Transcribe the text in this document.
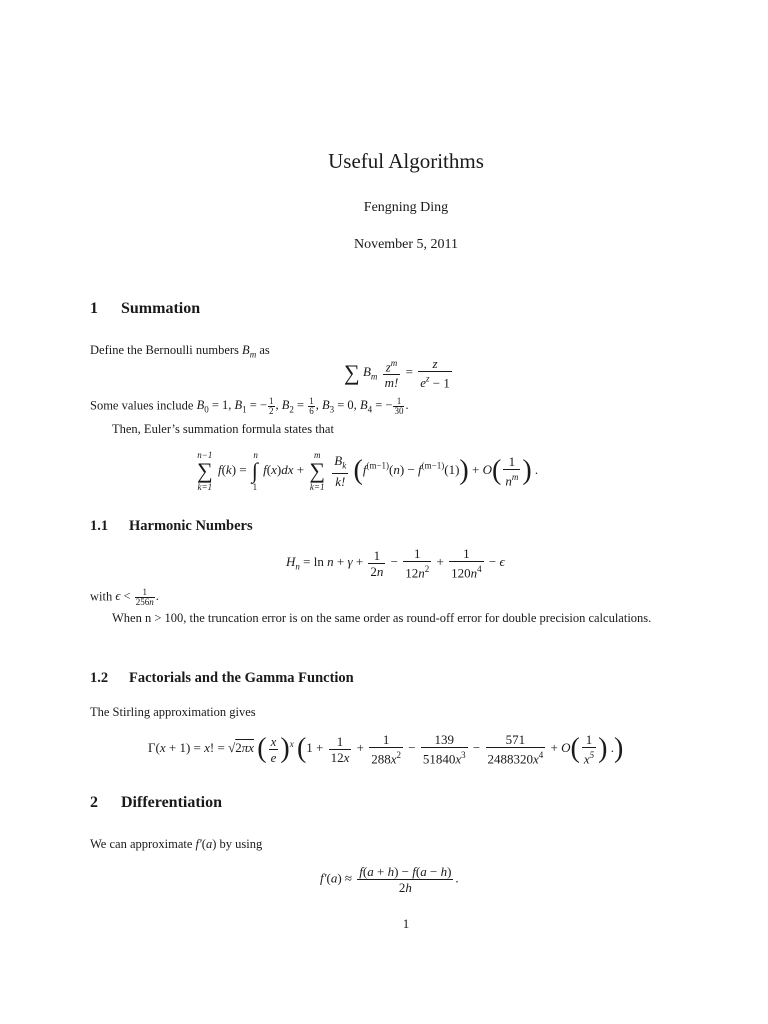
Useful Algorithms
Fengning Ding
November 5, 2011
1 Summation
Define the Bernoulli numbers $B_m$ as
∑ $B_m \frac{z^m}{m!} = \frac{z}{e^z - 1}$
Some values include $B_0 = 1$, $B_1$ = − $\frac{1}{2}$ , $B_2 = \frac{1}{6}$ , $B_3 = 0$, $B_4$ = − $\frac{1}{30}$ .
Then, Euler’s summation formula states that
n−1
∑
k=1
f(k) =
n
∫
1
f(x)dx +
m
∑
k=1
$\frac{B_k}{k!} (f^{(m-1)}(n) - f^{(m-1)}(1)) + O( \frac{1}{n^m}$ ) .
1.1 Harmonic Numbers
$H_n = \ln n + \gamma + \frac{1}{2n} - \frac{1}{12n^2} + \frac{1}{120n^4} - \epsilon$
with $\epsilon < \frac{1}{256n}$ .
When n > 100, the truncation error is on the same order as round-off error for double precision calculations.
1.2 Factorials and the Gamma Function
The Stirling approximation gives
Γ(x + 1) = x! = √2πx ( $\frac{x}{e} )^x$ ($1 + \frac{1}{12x} + \frac{1}{288x^2} - \frac{139}{51840x^3} - \frac{571}{2488320x^4} + O( \frac{1}{x^5}$ ) .)
2 Differentiation
We can approximate f′(a) by using
$f'(a) \approx \frac{f(a + h) - f(a - h)}{2h}$ .
1
